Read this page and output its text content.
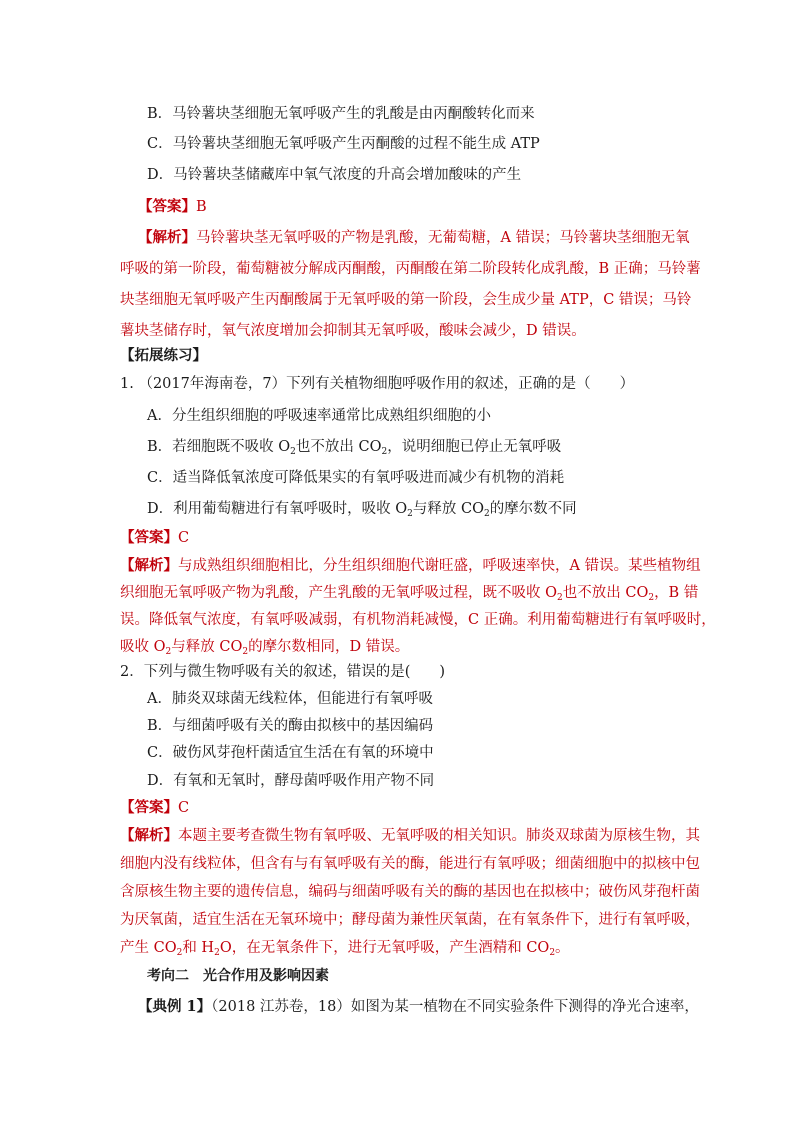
B．马铃薯块茎细胞无氧呼吸产生的乳酸是由丙酮酸转化而来
C．马铃薯块茎细胞无氧呼吸产生丙酮酸的过程不能生成 ATP
D．马铃薯块茎储藏库中氧气浓度的升高会增加酸味的产生
【答案】B
【解析】马铃薯块茎无氧呼吸的产物是乳酸，无葡萄糖，A 错误；马铃薯块茎细胞无氧
呼吸的第一阶段，葡萄糖被分解成丙酮酸，丙酮酸在第二阶段转化成乳酸，B 正确；马铃薯
块茎细胞无氧呼吸产生丙酮酸属于无氧呼吸的第一阶段，会生成少量 ATP，C 错误；马铃
薯块茎储存时，氧气浓度增加会抑制其无氧呼吸，酸味会减少，D 错误。
【拓展练习】
1. （2017年海南卷，7）下列有关植物细胞呼吸作用的叙述，正确的是（　　）
A．分生组织细胞的呼吸速率通常比成熟组织细胞的小
B．若细胞既不吸收 $O_2$也不放出 $CO_2$，说明细胞已停止无氧呼吸
C．适当降低氧浓度可降低果实的有氧呼吸进而减少有机物的消耗
D．利用葡萄糖进行有氧呼吸时，吸收 $O_2$与释放 $CO_2$的摩尔数不同
【答案】C
【解析】与成熟组织细胞相比，分生组织细胞代谢旺盛，呼吸速率快，A 错误。某些植物组
织细胞无氧呼吸产物为乳酸，产生乳酸的无氧呼吸过程，既不吸收 $O_2$也不放出 $CO_2$，B 错
误。降低氧气浓度，有氧呼吸减弱，有机物消耗减慢，C 正确。利用葡萄糖进行有氧呼吸时，
吸收 $O_2$与释放 $CO_2$的摩尔数相同，D 错误。
2．下列与微生物呼吸有关的叙述，错误的是(　　)
A．肺炎双球菌无线粒体，但能进行有氧呼吸
B．与细菌呼吸有关的酶由拟核中的基因编码
C．破伤风芽孢杆菌适宜生活在有氧的环境中
D．有氧和无氧时，酵母菌呼吸作用产物不同
【答案】C
【解析】本题主要考查微生物有氧呼吸、无氧呼吸的相关知识。肺炎双球菌为原核生物，其
细胞内没有线粒体，但含有与有氧呼吸有关的酶，能进行有氧呼吸；细菌细胞中的拟核中包
含原核生物主要的遗传信息，编码与细菌呼吸有关的酶的基因也在拟核中；破伤风芽孢杆菌
为厌氧菌，适宜生活在无氧环境中；酵母菌为兼性厌氧菌，在有氧条件下，进行有氧呼吸，
产生 $CO_2$和 $H_2O$，在无氧条件下，进行无氧呼吸，产生酒精和 $CO_2$。
考向二　光合作用及影响因素
【典例 1】（2018 江苏卷，18）如图为某一植物在不同实验条件下测得的净光合速率，
